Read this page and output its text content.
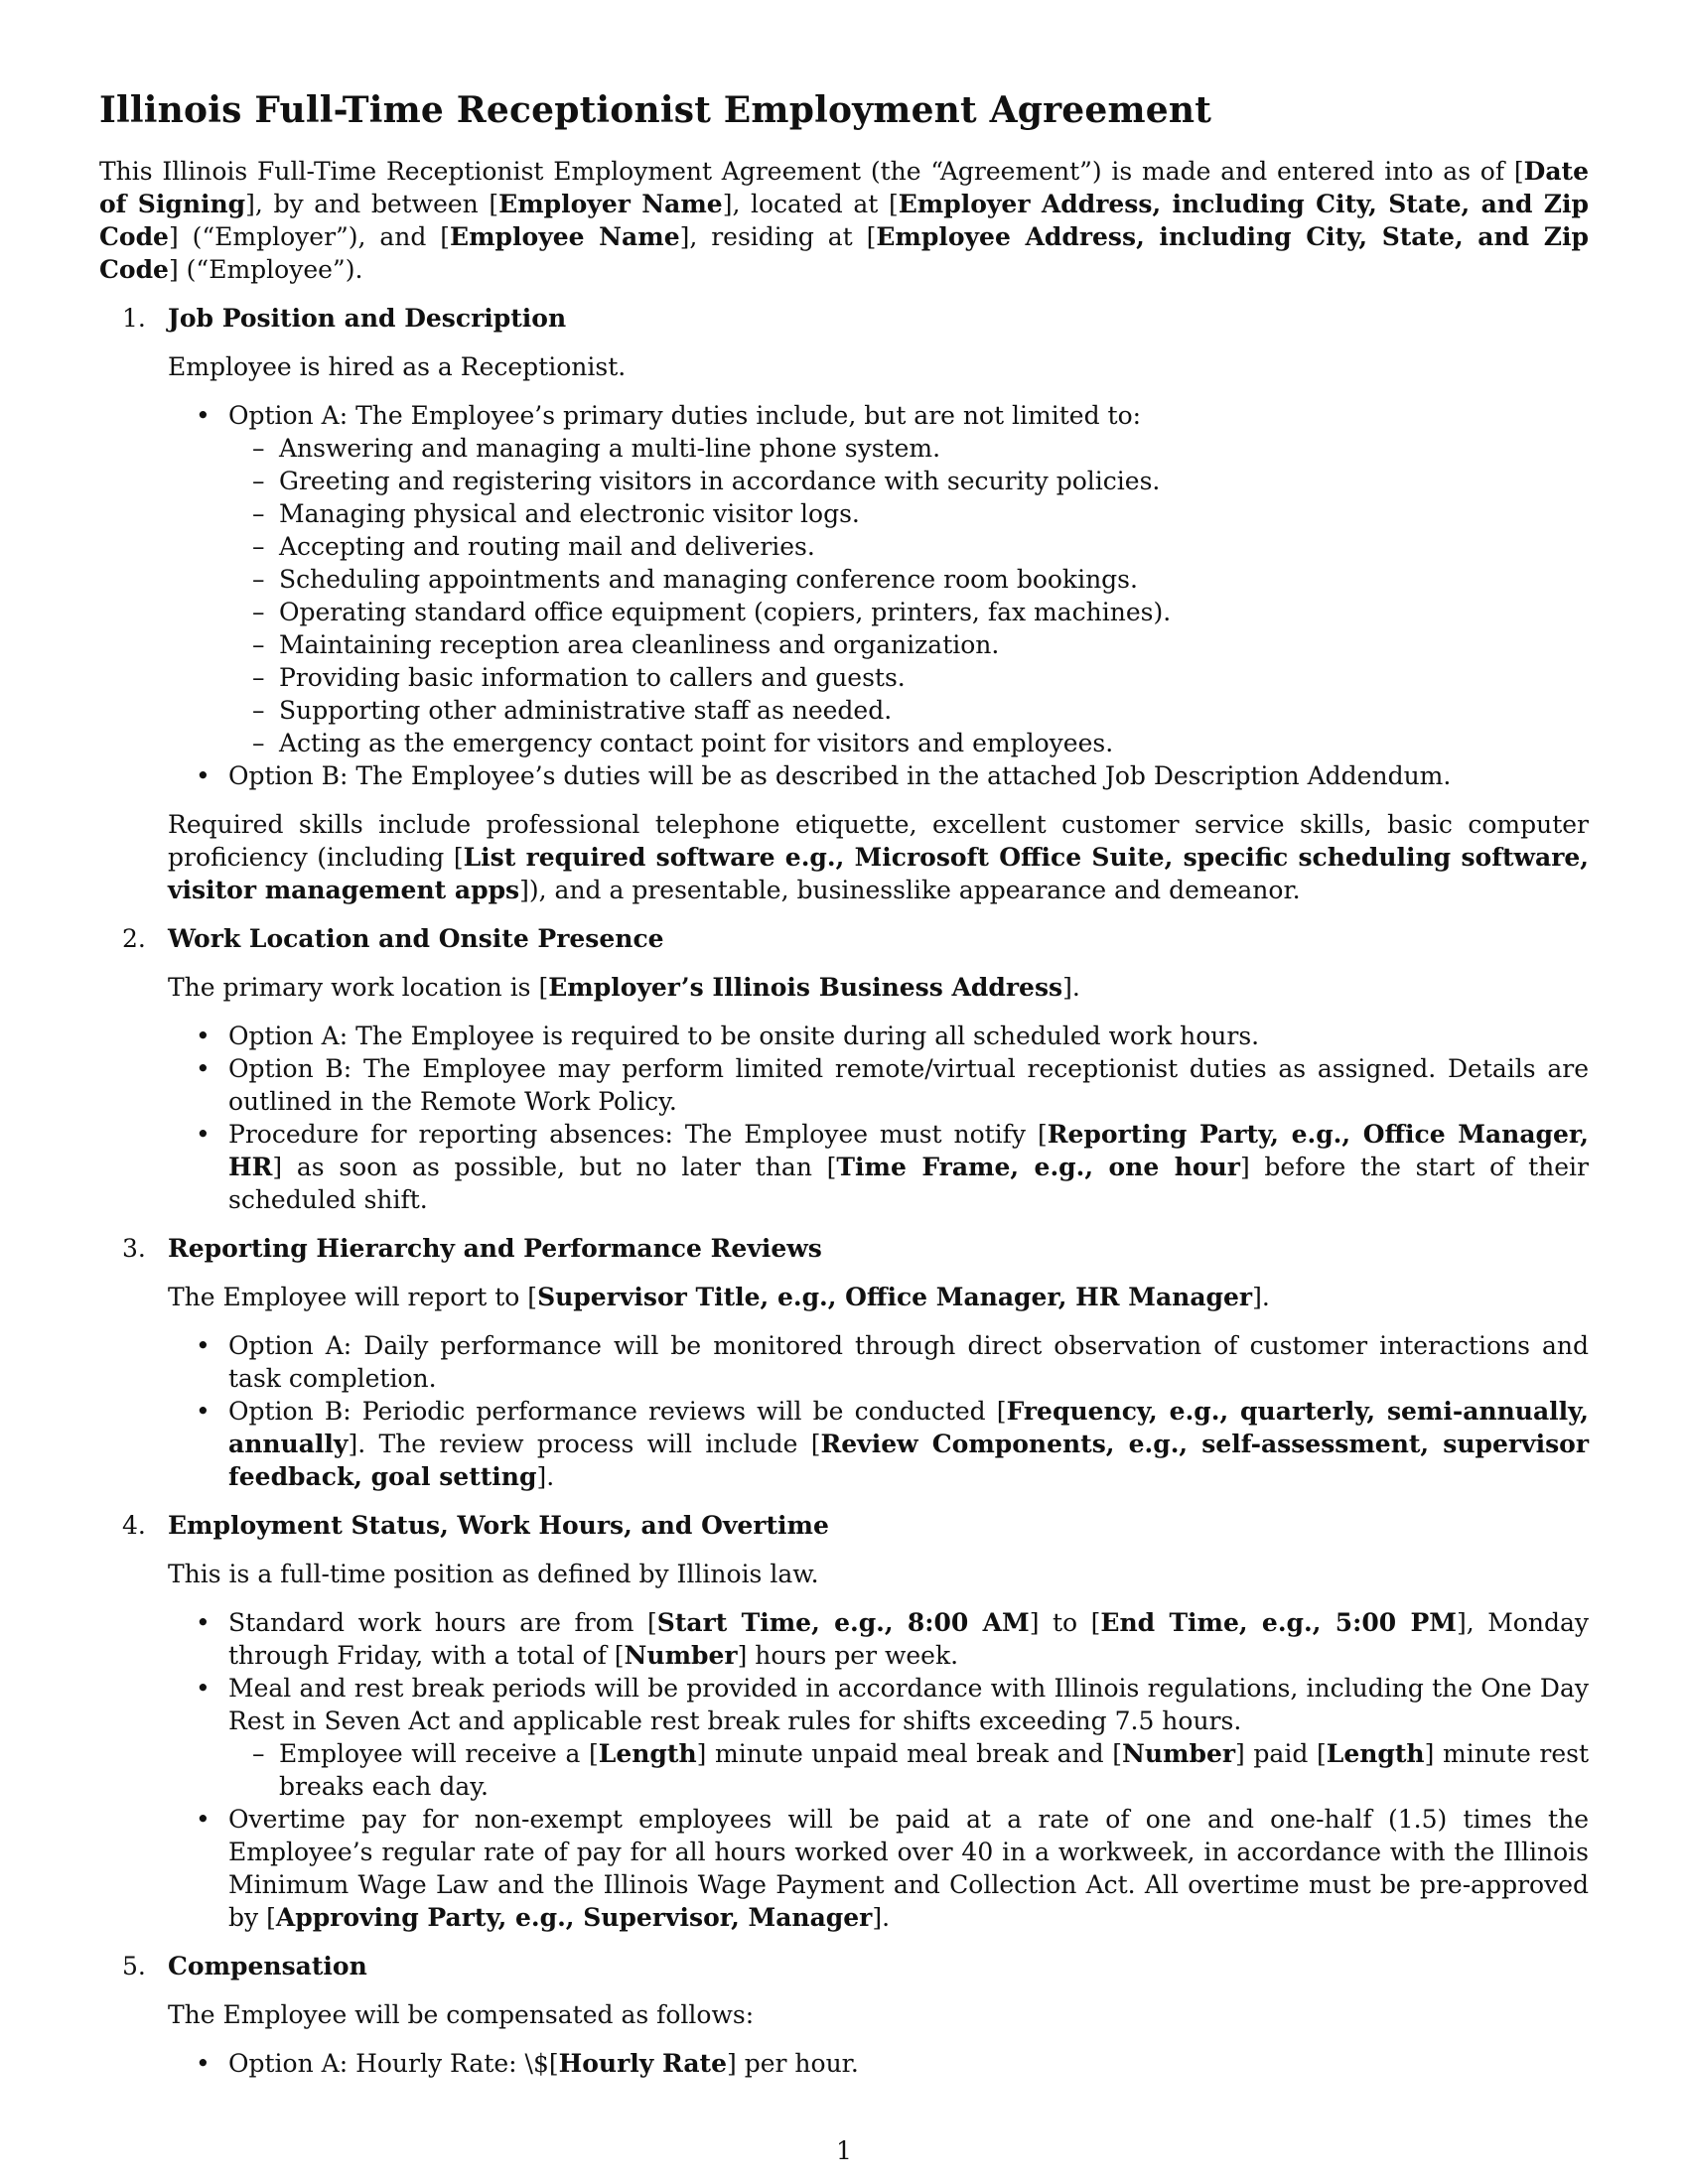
Illinois Full-Time Receptionist Employment Agreement

This Illinois Full-Time Receptionist Employment Agreement (the “Agreement”) is made and entered into as of [Date of Signing], by and between [Employer Name], located at [Employer Address, including City, State, and Zip Code] (“Employer”), and [Employee Name], residing at [Employee Address, including City, State, and Zip Code] (“Employee”).

1. Job Position and Description

Employee is hired as a Receptionist.

• Option A: The Employee’s primary duties include, but are not limited to:
– Answering and managing a multi-line phone system.
– Greeting and registering visitors in accordance with security policies.
– Managing physical and electronic visitor logs.
– Accepting and routing mail and deliveries.
– Scheduling appointments and managing conference room bookings.
– Operating standard office equipment (copiers, printers, fax machines).
– Maintaining reception area cleanliness and organization.
– Providing basic information to callers and guests.
– Supporting other administrative staff as needed.
– Acting as the emergency contact point for visitors and employees.
• Option B: The Employee’s duties will be as described in the attached Job Description Addendum.

Required skills include professional telephone etiquette, excellent customer service skills, basic computer proficiency (including [List required software e.g., Microsoft Office Suite, specific scheduling software, visitor management apps]), and a presentable, businesslike appearance and demeanor.

2. Work Location and Onsite Presence

The primary work location is [Employer’s Illinois Business Address].

• Option A: The Employee is required to be onsite during all scheduled work hours.
• Option B: The Employee may perform limited remote/virtual receptionist duties as assigned. Details are outlined in the Remote Work Policy.
• Procedure for reporting absences: The Employee must notify [Reporting Party, e.g., Office Manager, HR] as soon as possible, but no later than [Time Frame, e.g., one hour] before the start of their scheduled shift.
3. Reporting Hierarchy and Performance Reviews

The Employee will report to [Supervisor Title, e.g., Office Manager, HR Manager].

• Option A: Daily performance will be monitored through direct observation of customer interactions and task completion.
• Option B: Periodic performance reviews will be conducted [Frequency, e.g., quarterly, semi-annually, annually]. The review process will include [Review Components, e.g., self-assessment, supervisor feedback, goal setting].
4. Employment Status, Work Hours, and Overtime

This is a full-time position as defined by Illinois law.

• Standard work hours are from [Start Time, e.g., 8:00 AM] to [End Time, e.g., 5:00 PM], Monday through Friday, with a total of [Number] hours per week.
• Meal and rest break periods will be provided in accordance with Illinois regulations, including the One Day Rest in Seven Act and applicable rest break rules for shifts exceeding 7.5 hours.
– Employee will receive a [Length] minute unpaid meal break and [Number] paid [Length] minute rest breaks each day.
• Overtime pay for non-exempt employees will be paid at a rate of one and one-half (1.5) times the Employee’s regular rate of pay for all hours worked over 40 in a workweek, in accordance with the Illinois Minimum Wage Law and the Illinois Wage Payment and Collection Act. All overtime must be pre-approved by [Approving Party, e.g., Supervisor, Manager].
5. Compensation

The Employee will be compensated as follows:

• Option A: Hourly Rate: \$[Hourly Rate] per hour.
1
